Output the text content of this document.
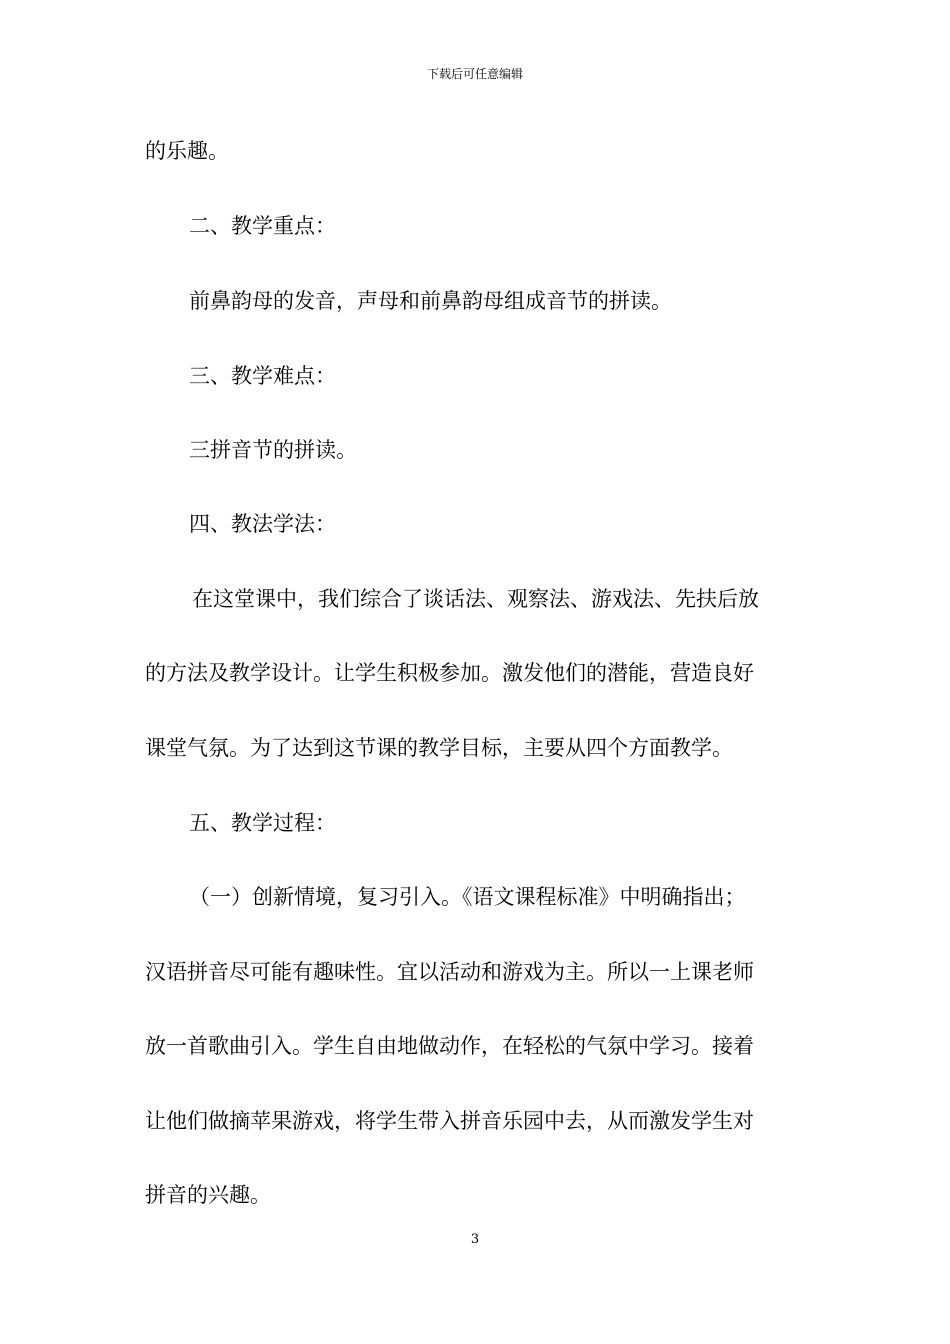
下载后可任意编辑
的乐趣。
二、教学重点：
前鼻韵母的发音，声母和前鼻韵母组成音节的拼读。
三、教学难点：
三拼音节的拼读。
四、教法学法：
在这堂课中，我们综合了谈话法、观察法、游戏法、先扶后放
的方法及教学设计。让学生积极参加。激发他们的潜能，营造良好
课堂气氛。为了达到这节课的教学目标，主要从四个方面教学。
五、教学过程：
（一）创新情境，复习引入。《语文课程标准》中明确指出；
汉语拼音尽可能有趣味性。宜以活动和游戏为主。所以一上课老师
放一首歌曲引入。学生自由地做动作，在轻松的气氛中学习。接着
让他们做摘苹果游戏，将学生带入拼音乐园中去，从而激发学生对
拼音的兴趣。
3
